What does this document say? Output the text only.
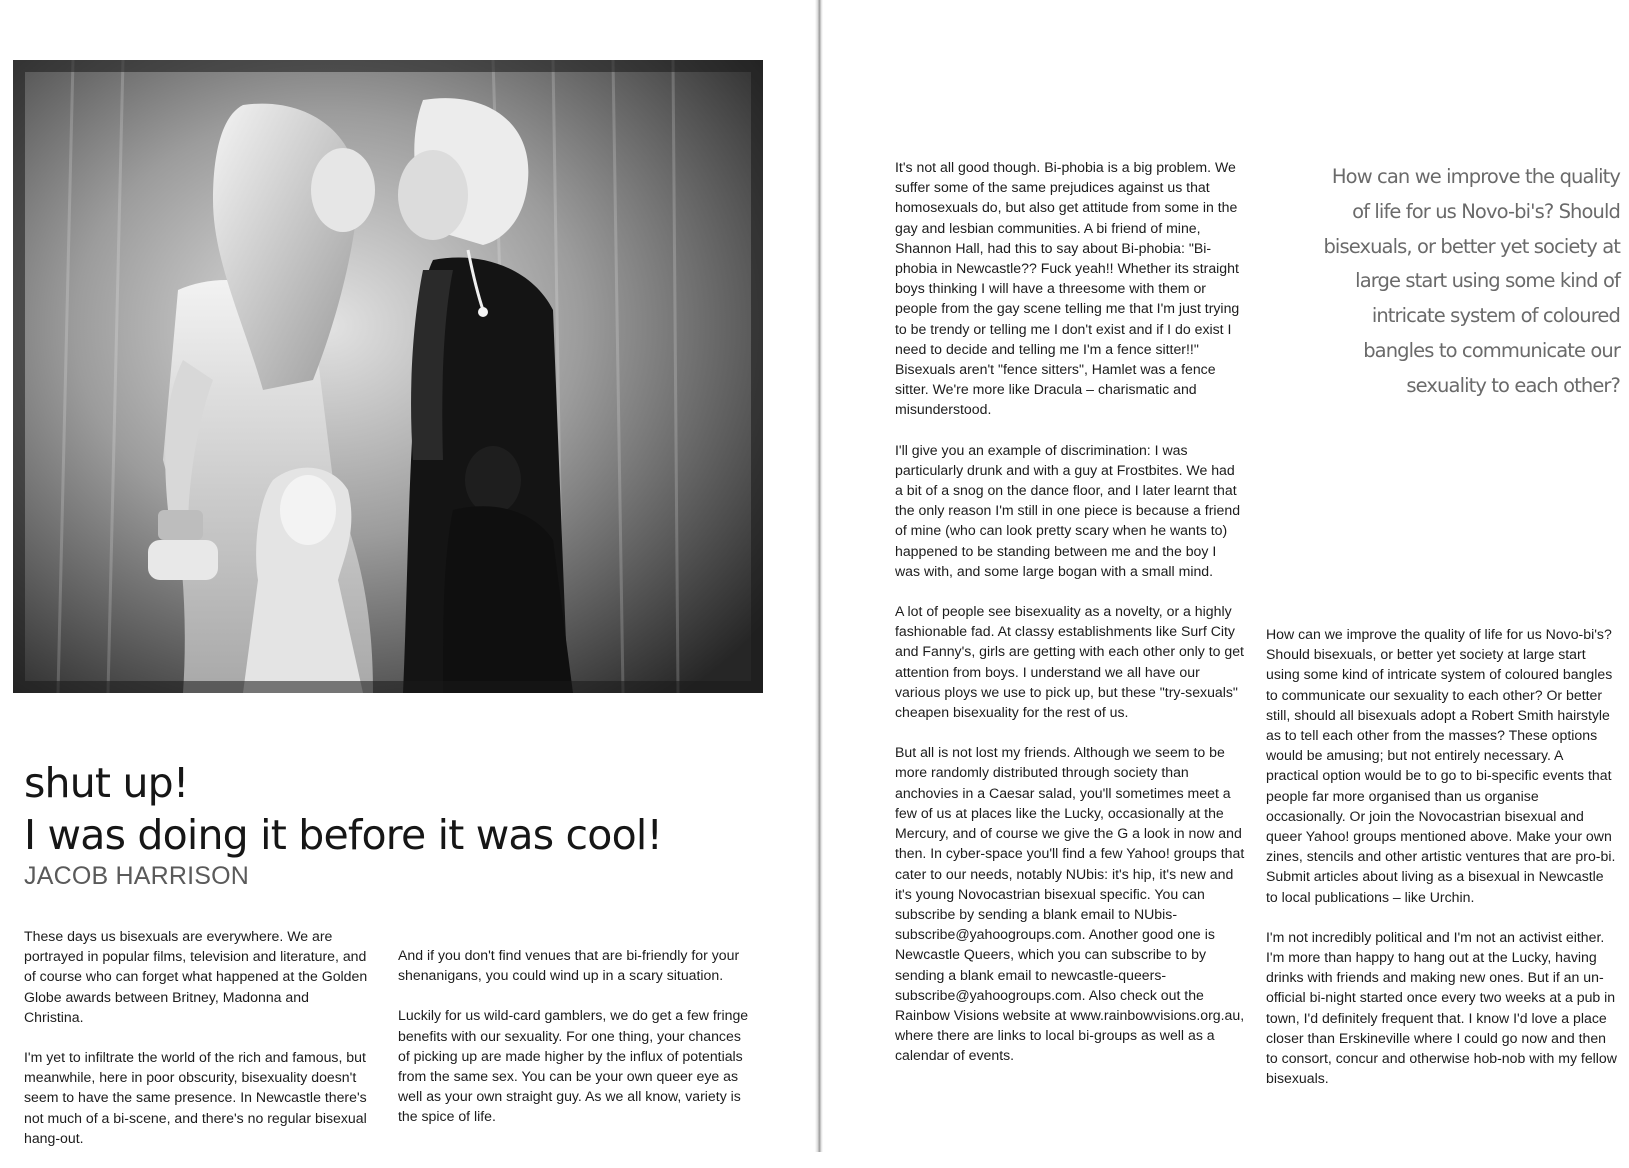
shut up!
I was doing it before it was cool!

JACOB HARRISON

These days us bisexuals are everywhere. We are portrayed in popular films, television and literature, and of course who can forget what happened at the Golden Globe awards between Britney, Madonna and Christina.

I'm yet to infiltrate the world of the rich and famous, but meanwhile, here in poor obscurity, bisexuality doesn't seem to have the same presence. In Newcastle there's not much of a bi-scene, and there's no regular bisexual hang-out.

And if you don't find venues that are bi-friendly for your shenanigans, you could wind up in a scary situation.

Luckily for us wild-card gamblers, we do get a few fringe benefits with our sexuality. For one thing, your chances of picking up are made higher by the influx of potentials from the same sex. You can be your own queer eye as well as your own straight guy. As we all know, variety is the spice of life.

It's not all good though. Bi-phobia is a big problem. We suffer some of the same prejudices against us that homosexuals do, but also get attitude from some in the gay and lesbian communities. A bi friend of mine, Shannon Hall, had this to say about Bi-phobia: "Bi-phobia in Newcastle?? Fuck yeah!! Whether its straight boys thinking I will have a threesome with them or people from the gay scene telling me that I'm just trying to be trendy or telling me I don't exist and if I do exist I need to decide and telling me I'm a fence sitter!!" Bisexuals aren't "fence sitters", Hamlet was a fence sitter. We're more like Dracula – charismatic and misunderstood.

I'll give you an example of discrimination: I was particularly drunk and with a guy at Frostbites. We had a bit of a snog on the dance floor, and I later learnt that the only reason I'm still in one piece is because a friend of mine (who can look pretty scary when he wants to) happened to be standing between me and the boy I was with, and some large bogan with a small mind.

A lot of people see bisexuality as a novelty, or a highly fashionable fad. At classy establishments like Surf City and Fanny's, girls are getting with each other only to get attention from boys. I understand we all have our various ploys we use to pick up, but these "try-sexuals" cheapen bisexuality for the rest of us.

But all is not lost my friends. Although we seem to be more randomly distributed through society than anchovies in a Caesar salad, you'll sometimes meet a few of us at places like the Lucky, occasionally at the Mercury, and of course we give the G a look in now and then. In cyber-space you'll find a few Yahoo! groups that cater to our needs, notably NUbis: it's hip, it's new and it's young Novocastrian bisexual specific. You can subscribe by sending a blank email to NUbis-subscribe@yahoogroups.com. Another good one is Newcastle Queers, which you can subscribe to by sending a blank email to newcastle-queers-subscribe@yahoogroups.com. Also check out the Rainbow Visions website at www.rainbowvisions.org.au, where there are links to local bi-groups as well as a calendar of events.

How can we improve the quality of life for us Novo-bi's? Should bisexuals, or better yet society at large start using some kind of intricate system of coloured bangles to communicate our sexuality to each other?

How can we improve the quality of life for us Novo-bi's? Should bisexuals, or better yet society at large start using some kind of intricate system of coloured bangles to communicate our sexuality to each other? Or better still, should all bisexuals adopt a Robert Smith hairstyle as to tell each other from the masses? These options would be amusing; but not entirely necessary. A practical option would be to go to bi-specific events that people far more organised than us organise occasionally. Or join the Novocastrian bisexual and queer Yahoo! groups mentioned above. Make your own zines, stencils and other artistic ventures that are pro-bi. Submit articles about living as a bisexual in Newcastle to local publications – like Urchin.

I'm not incredibly political and I'm not an activist either. I'm more than happy to hang out at the Lucky, having drinks with friends and making new ones. But if an un-official bi-night started once every two weeks at a pub in town, I'd definitely frequent that. I know I'd love a place closer than Erskineville where I could go now and then to consort, concur and otherwise hob-nob with my fellow bisexuals.
